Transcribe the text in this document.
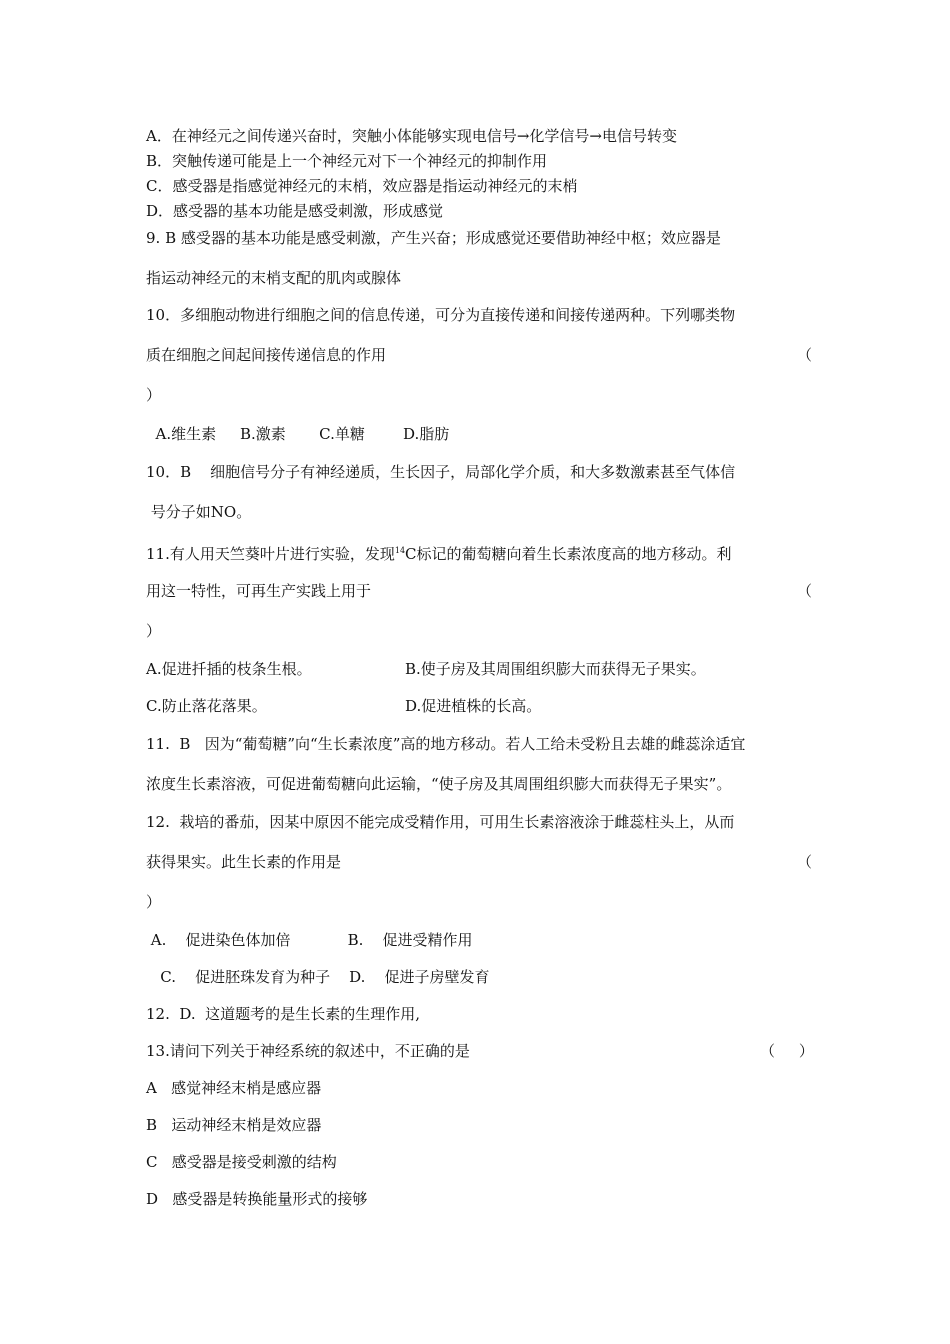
A．在神经元之间传递兴奋时，突触小体能够实现电信号→化学信号→电信号转变
B．突触传递可能是上一个神经元对下一个神经元的抑制作用
C．感受器是指感觉神经元的末梢，效应器是指运动神经元的末梢
D．感受器的基本功能是感受刺激，形成感觉
9. B 感受器的基本功能是感受刺激，产生兴奋；形成感觉还要借助神经中枢；效应器是
指运动神经元的末梢支配的肌肉或腺体
10．多细胞动物进行细胞之间的信息传递，可分为直接传递和间接传递两种。下列哪类物
质在细胞之间起间接传递信息的作用	（
）
A.维生素     B.激素       C.单糖        D.脂肪
10．B    细胞信号分子有神经递质，生长因子，局部化学介质，和大多数激素甚至气体信
号分子如NO。
11.有人用天竺葵叶片进行实验，发现$^{14}$C标记的葡萄糖向着生长素浓度高的地方移动。利
用这一特性，可再生产实践上用于	（
）
A.促进扦插的枝条生根。	B.使子房及其周围组织膨大而获得无子果实。
C.防止落花落果。	D.促进植株的长高。
11.  B   因为“葡萄糖”向“生长素浓度”高的地方移动。若人工给未受粉且去雄的雌蕊涂适宜
浓度生长素溶液，可促进葡萄糖向此运输，“使子房及其周围组织膨大而获得无子果实”。
12.  栽培的番茄，因某中原因不能完成受精作用，可用生长素溶液涂于雌蕊柱头上，从而
获得果实。此生长素的作用是	（
）
A.    促进染色体加倍            B.    促进受精作用
C.    促进胚珠发育为种子    D.    促进子房壁发育
12.  D.  这道题考的是生长素的生理作用,
13.请问下列关于神经系统的叙述中，不正确的是	（     ）
A   感觉神经末梢是感应器
B   运动神经末梢是效应器
C   感受器是接受刺激的结构
D   感受器是转换能量形式的接够
